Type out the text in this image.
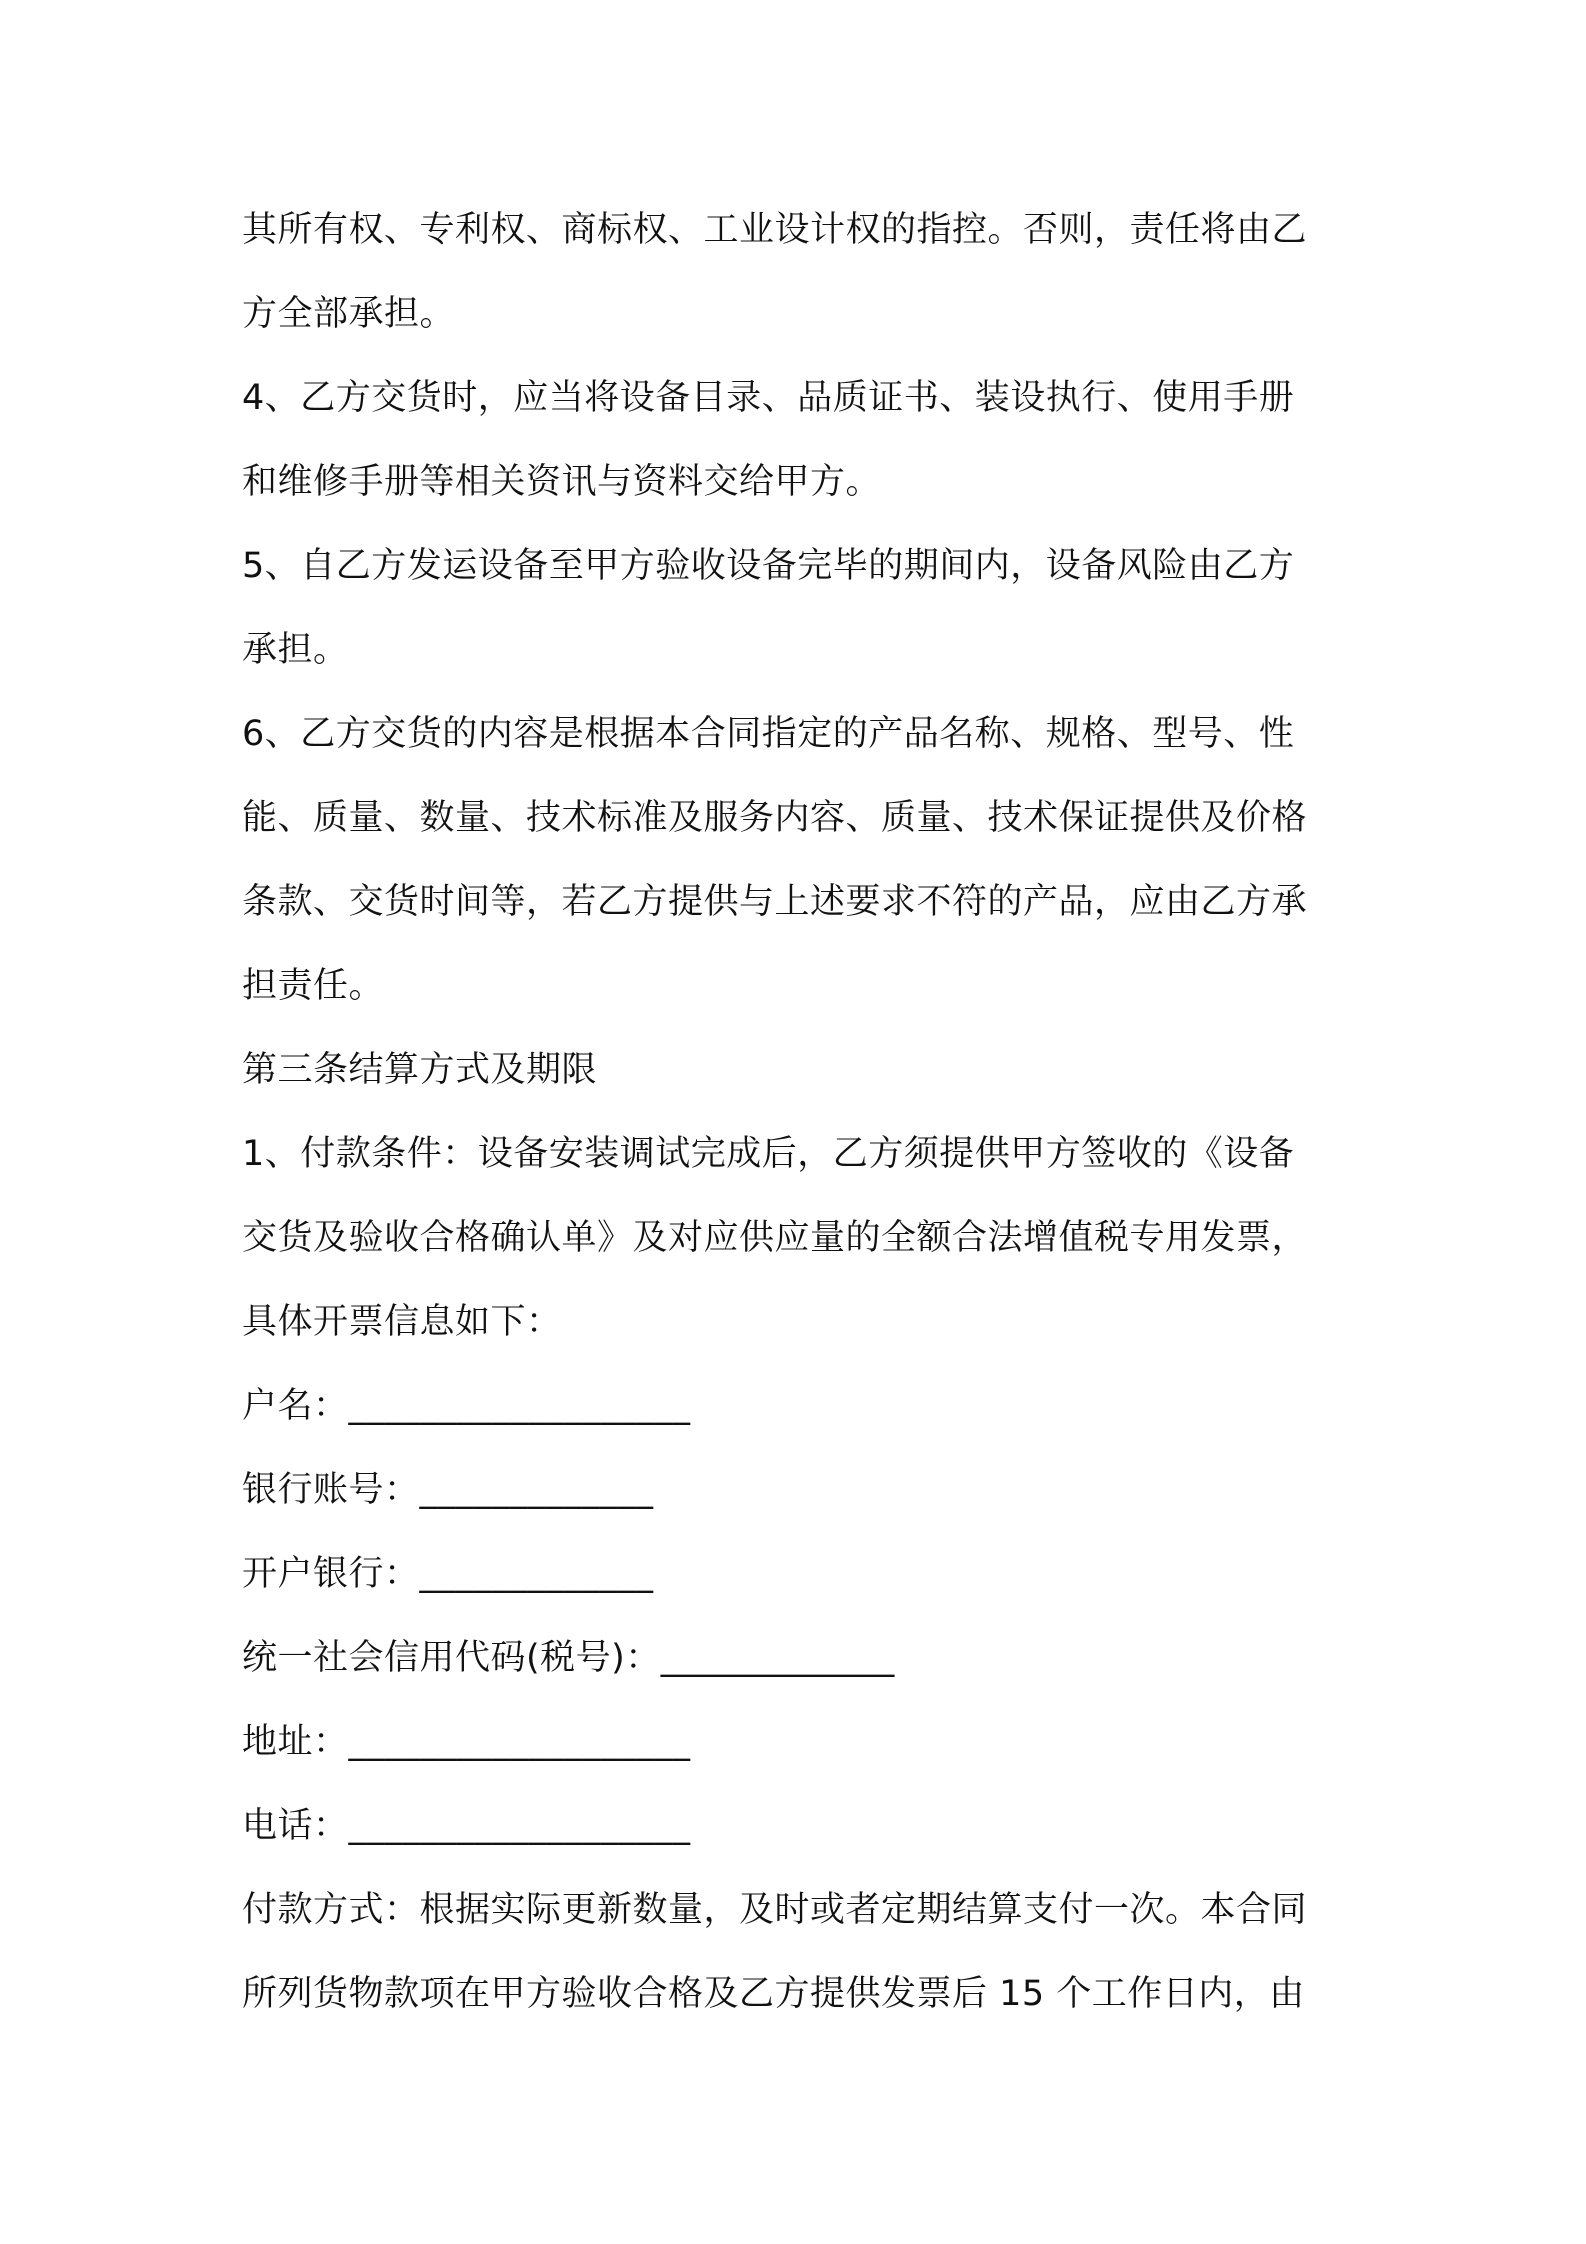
其所有权、专利权、商标权、工业设计权的指控。否则，责任将由乙
方全部承担。
4、乙方交货时，应当将设备目录、品质证书、装设执行、使用手册
和维修手册等相关资讯与资料交给甲方。
5、自乙方发运设备至甲方验收设备完毕的期间内，设备风险由乙方
承担。
6、乙方交货的内容是根据本合同指定的产品名称、规格、型号、性
能、质量、数量、技术标准及服务内容、质量、技术保证提供及价格
条款、交货时间等，若乙方提供与上述要求不符的产品，应由乙方承
担责任。
第三条结算方式及期限
1、付款条件：设备安装调试完成后，乙方须提供甲方签收的《设备
交货及验收合格确认单》及对应供应量的全额合法增值税专用发票，
具体开票信息如下：
户名：___________________
银行账号：_____________
开户银行：_____________
统一社会信用代码(税号)：_____________
地址：___________________
电话：___________________
付款方式：根据实际更新数量，及时或者定期结算支付一次。本合同
所列货物款项在甲方验收合格及乙方提供发票后 15 个工作日内，由
